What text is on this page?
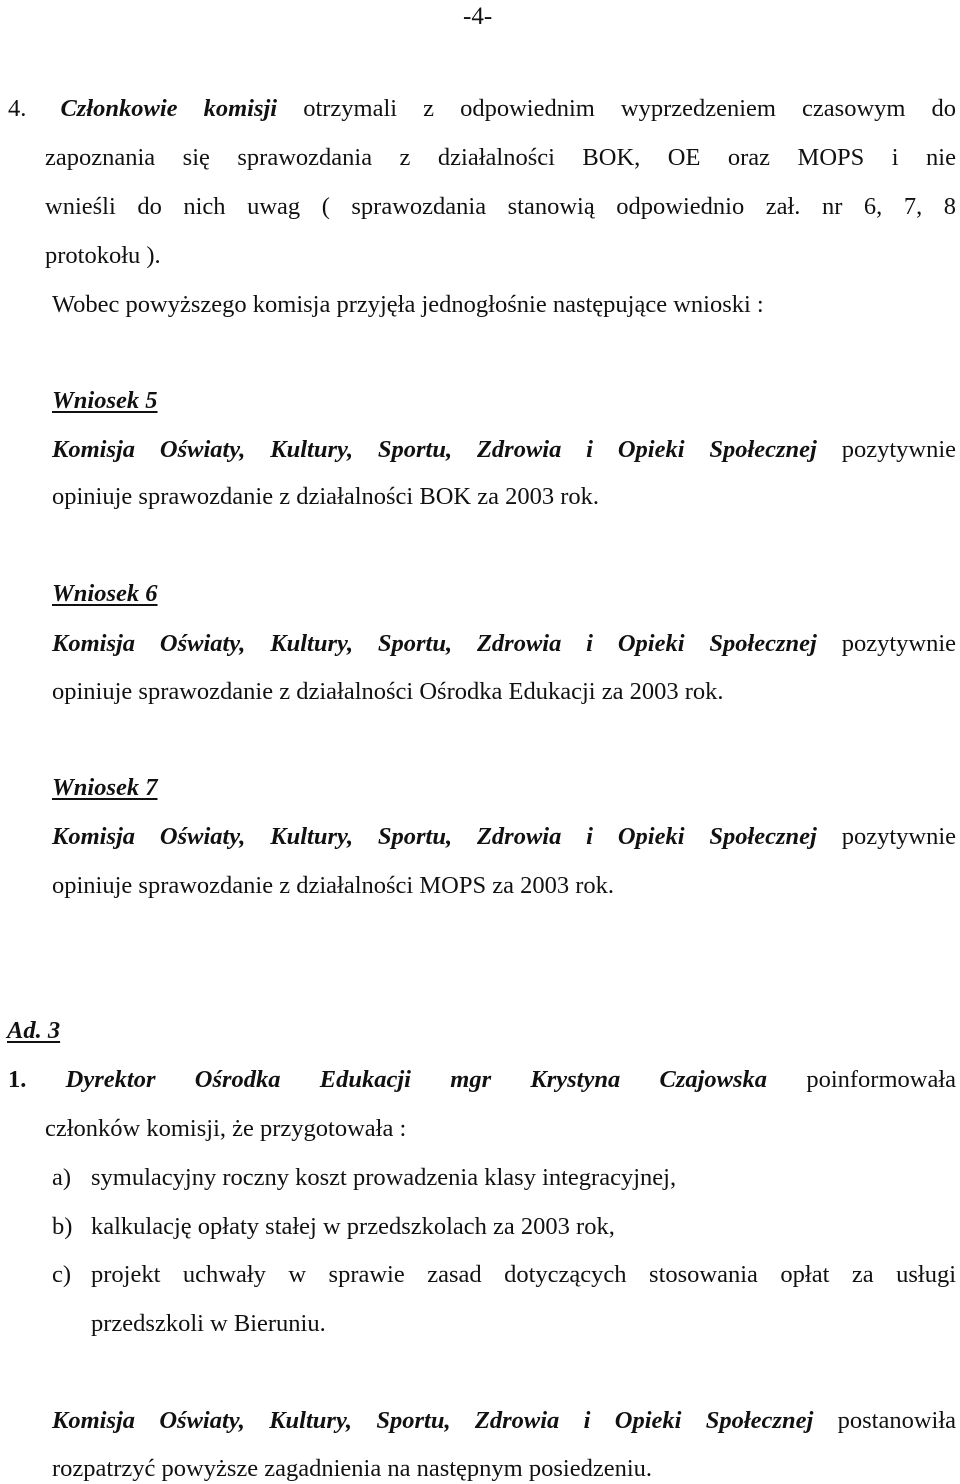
-4-
4. Członkowie komisji otrzymali z odpowiednim wyprzedzeniem czasowym do
zapoznania się sprawozdania z działalności BOK, OE oraz MOPS i nie
wnieśli do nich uwag ( sprawozdania stanowią odpowiednio zał. nr 6, 7, 8
protokołu ).
Wobec powyższego komisja przyjęła jednogłośnie następujące wnioski :
Wniosek 5
Komisja Oświaty, Kultury, Sportu, Zdrowia i Opieki Społecznej pozytywnie
opiniuje sprawozdanie z działalności BOK za 2003 rok.
Wniosek 6
Komisja Oświaty, Kultury, Sportu, Zdrowia i Opieki Społecznej pozytywnie
opiniuje sprawozdanie z działalności Ośrodka Edukacji za 2003 rok.
Wniosek 7
Komisja Oświaty, Kultury, Sportu, Zdrowia i Opieki Społecznej pozytywnie
opiniuje sprawozdanie z działalności MOPS za 2003 rok.
Ad. 3
1. Dyrektor Ośrodka Edukacji mgr Krystyna Czajowska poinformowała
członków komisji, że przygotowała :
a) symulacyjny roczny koszt prowadzenia klasy integracyjnej,
b) kalkulację opłaty stałej w przedszkolach za 2003 rok,
c) projekt uchwały w sprawie zasad dotyczących stosowania opłat za usługi
przedszkoli w Bieruniu.
Komisja Oświaty, Kultury, Sportu, Zdrowia i Opieki Społecznej postanowiła
rozpatrzyć powyższe zagadnienia na następnym posiedzeniu.
